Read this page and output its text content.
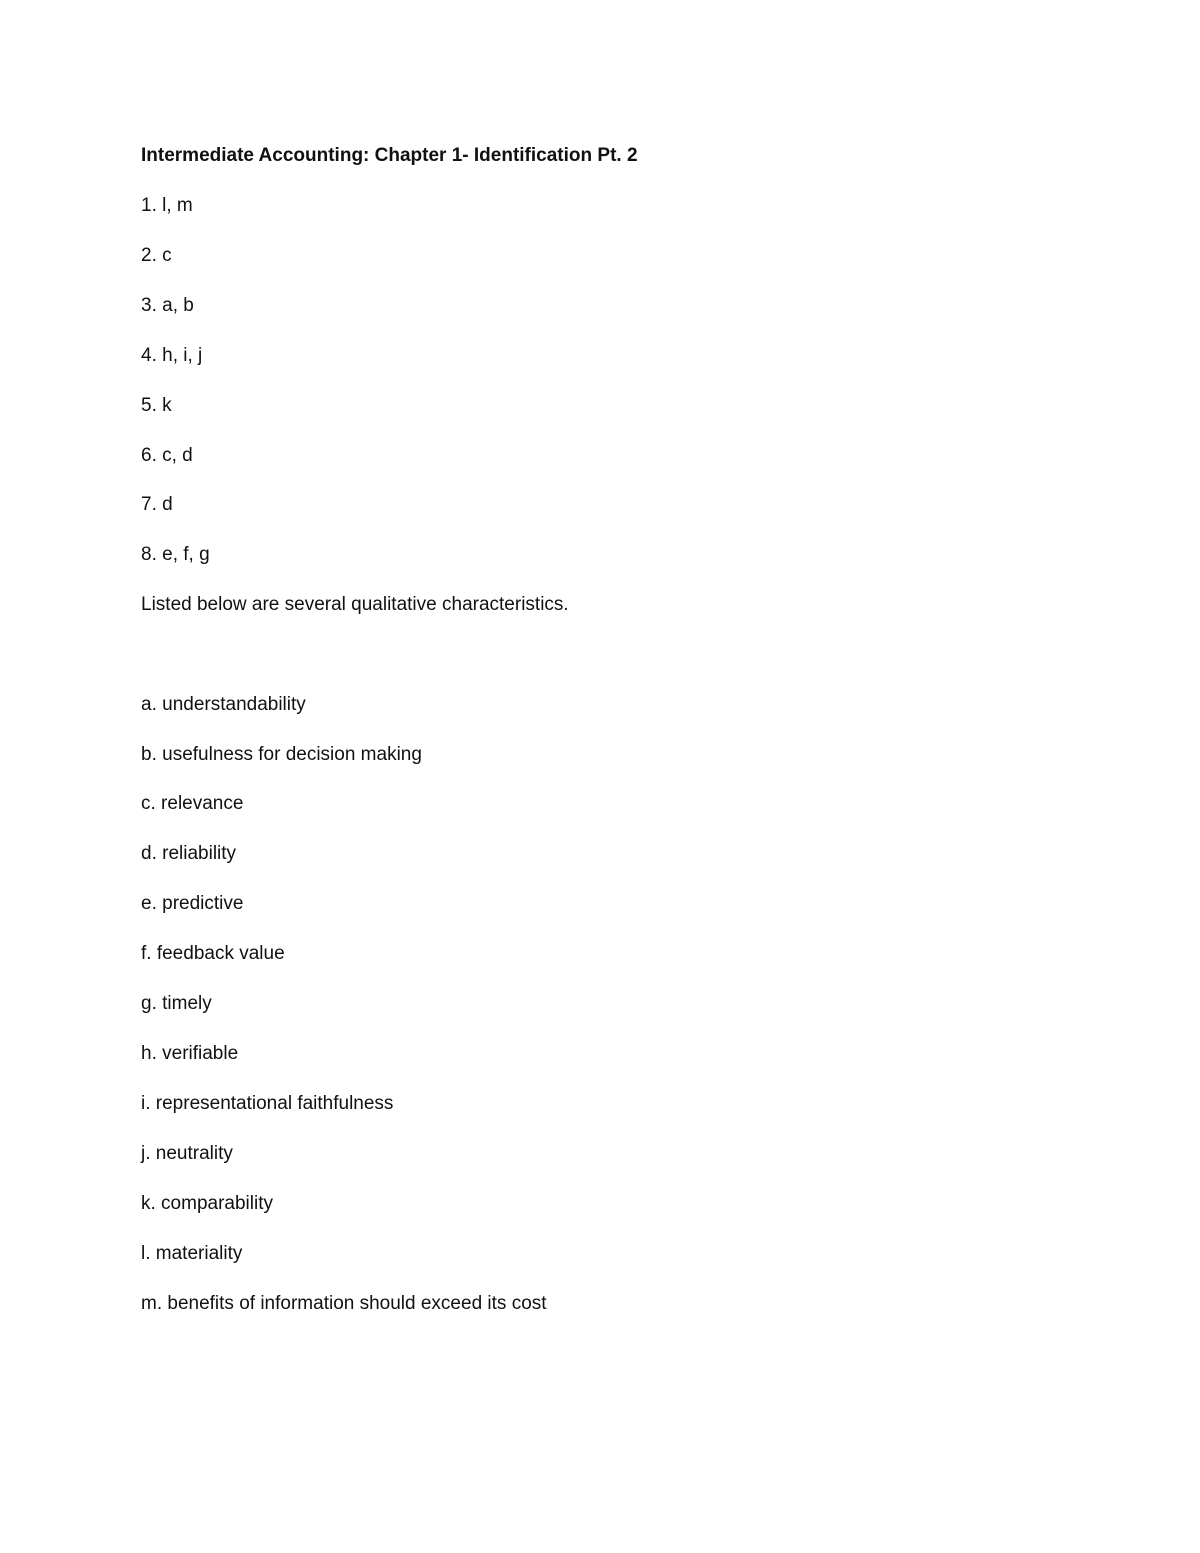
Intermediate Accounting: Chapter 1- Identification Pt. 2
1. l, m
2. c
3. a, b
4. h, i, j
5. k
6. c, d
7. d
8. e, f, g
Listed below are several qualitative characteristics.
a. understandability
b. usefulness for decision making
c. relevance
d. reliability
e. predictive
f. feedback value
g. timely
h. verifiable
i. representational faithfulness
j. neutrality
k. comparability
l. materiality
m. benefits of information should exceed its cost
